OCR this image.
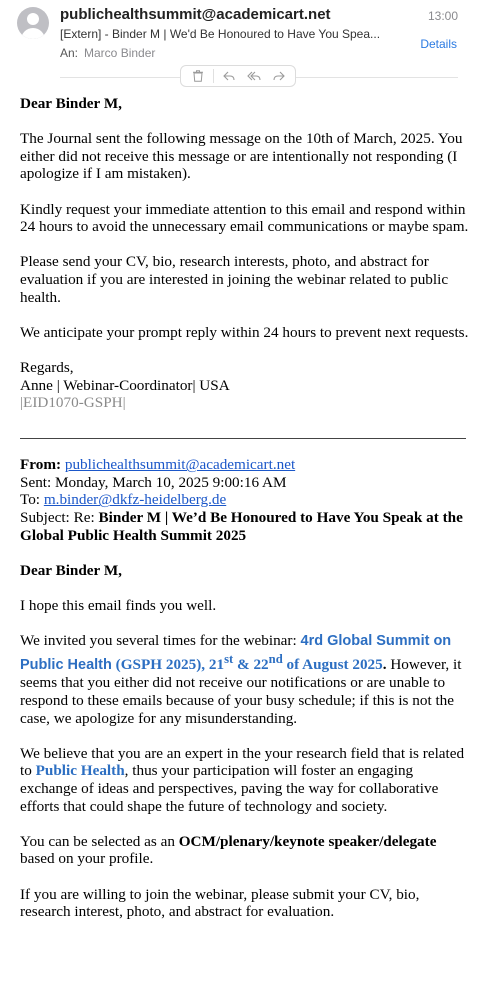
publichealthsummit@academicart.net	13:00
[Extern] - Binder M | We'd Be Honoured to Have You Spea...
Details
An: Marco Binder

Dear Binder M,

The Journal sent the following message on the 10th of March, 2025. You either did not receive this message or are intentionally not responding (I apologize if I am mistaken).

Kindly request your immediate attention to this email and respond within 24 hours to avoid the unnecessary email communications or maybe spam.

Please send your CV, bio, research interests, photo, and abstract for evaluation if you are interested in joining the webinar related to public health.

We anticipate your prompt reply within 24 hours to prevent next requests.

Regards,

Anne | Webinar-Coordinator| USA

|EID1070-GSPH|

From: publichealthsummit@academicart.net

Sent: Monday, March 10, 2025 9:00:16 AM

To: m.binder@dkfz-heidelberg.de

Subject: Re: Binder M | We’d Be Honoured to Have You Speak at the Global Public Health Summit 2025

Dear Binder M,

I hope this email finds you well.

We invited you several times for the webinar: 4rd Global Summit on Public Health (GSPH 2025), 21st & 22nd of August 2025. However, it seems that you either did not receive our notifications or are unable to respond to these emails because of your busy schedule; if this is not the case, we apologize for any misunderstanding.

We believe that you are an expert in the your research field that is related to Public Health, thus your participation will foster an engaging exchange of ideas and perspectives, paving the way for collaborative efforts that could shape the future of technology and society.

You can be selected as an OCM/plenary/keynote speaker/delegate based on your profile.

If you are willing to join the webinar, please submit your CV, bio, research interest, photo, and abstract for evaluation.
